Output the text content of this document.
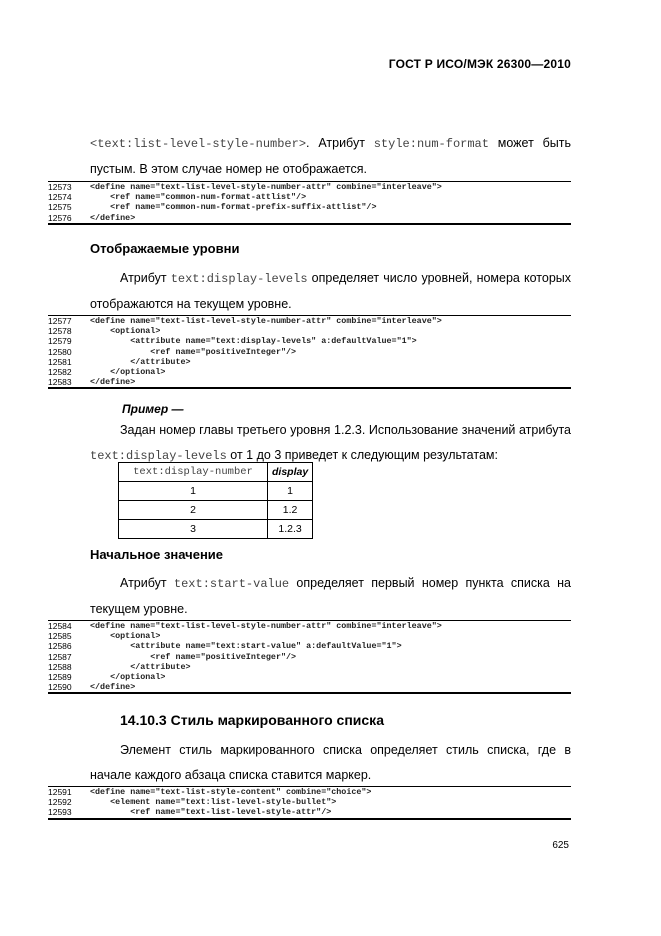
ГОСТ Р ИСО/МЭК 26300—2010
<text:list-level-style-number>. Атрибут style:num-format может быть пустым. В этом случае номер не отображается.
12573	<define name="text-list-level-style-number-attr" combine="interleave">
12574	<ref name="common-num-format-attlist"/>
12575	<ref name="common-num-format-prefix-suffix-attlist"/>
12576	</define>
Отображаемые уровни
Атрибут text:display-levels определяет число уровней, номера которых отображаются на текущем уровне.
12577	<define name="text-list-level-style-number-attr" combine="interleave">
12578	<optional>
12579	<attribute name="text:display-levels" a:defaultValue="1">
12580	<ref name="positiveInteger"/>
12581	</attribute>
12582	</optional>
12583	</define>
Пример —
Задан номер главы третьего уровня 1.2.3. Использование значений атрибута text:display-levels от 1 до 3 приведет к следующим результатам:
text:display-number	display
1	1
2	1.2
3	1.2.3
Начальное значение
Атрибут text:start-value определяет первый номер пункта списка на текущем уровне.
12584	<define name="text-list-level-style-number-attr" combine="interleave">
12585	<optional>
12586	<attribute name="text:start-value" a:defaultValue="1">
12587	<ref name="positiveInteger"/>
12588	</attribute>
12589	</optional>
12590	</define>
14.10.3 Стиль маркированного списка
Элемент стиль маркированного списка определяет стиль списка, где в начале каждого абзаца списка ставится маркер.
12591	<define name="text-list-style-content" combine="choice">
12592	<element name="text:list-level-style-bullet">
12593	<ref name="text-list-level-style-attr"/>
625
